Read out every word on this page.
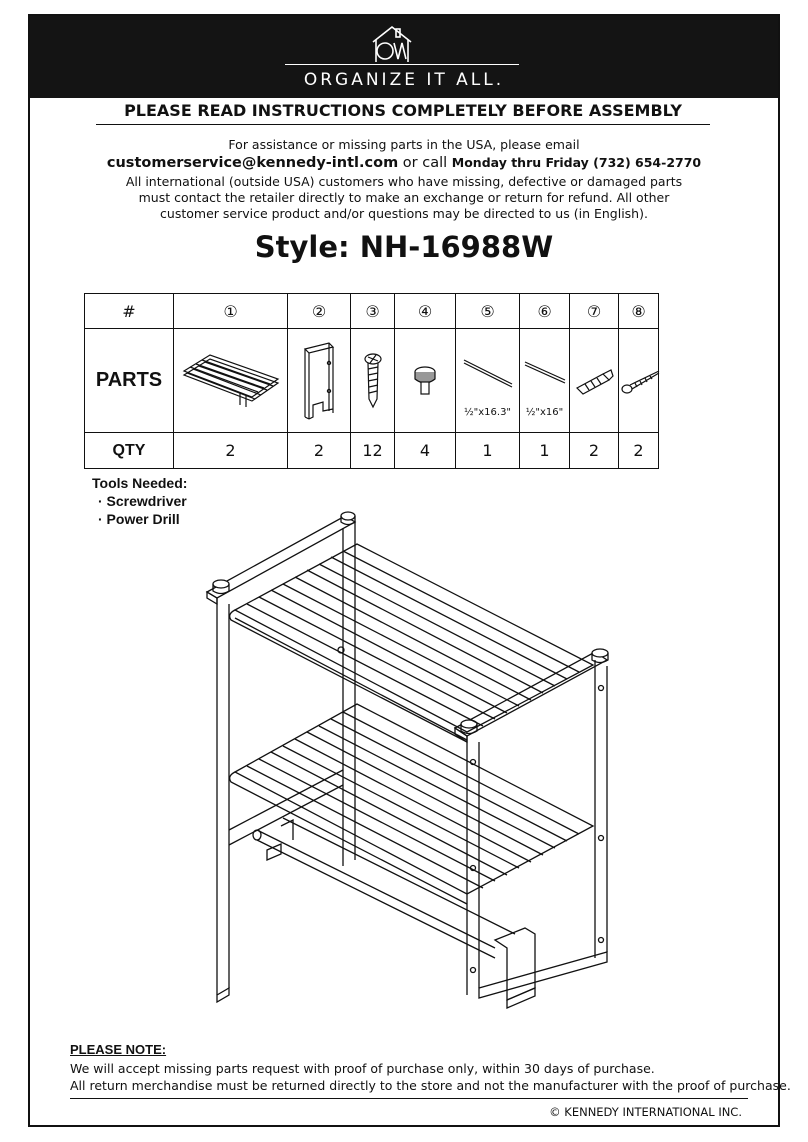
ORGANIZE IT ALL.
PLEASE READ INSTRUCTIONS COMPLETELY BEFORE ASSEMBLY
For assistance or missing parts in the USA, please email
customerservice@kennedy-intl.com or call Monday thru Friday (732) 654-2770
All international (outside USA) customers who have missing, defective or damaged parts
must contact the retailer directly to make an exchange or return for refund. All other
customer service product and/or questions may be directed to us (in English).
Style: NH-16988W
#	①	②	③	④	⑤	⑥	⑦	⑧
PARTS					½"x16.3"	½"x16"

QTY	2	2	12	4	1	1	2	2
Tools Needed:
· Screwdriver
· Power Drill
PLEASE NOTE:
We will accept missing parts request with proof of purchase only, within 30 days of purchase.
All return merchandise must be returned directly to the store and not the manufacturer with the proof of purchase.
© KENNEDY INTERNATIONAL INC.
